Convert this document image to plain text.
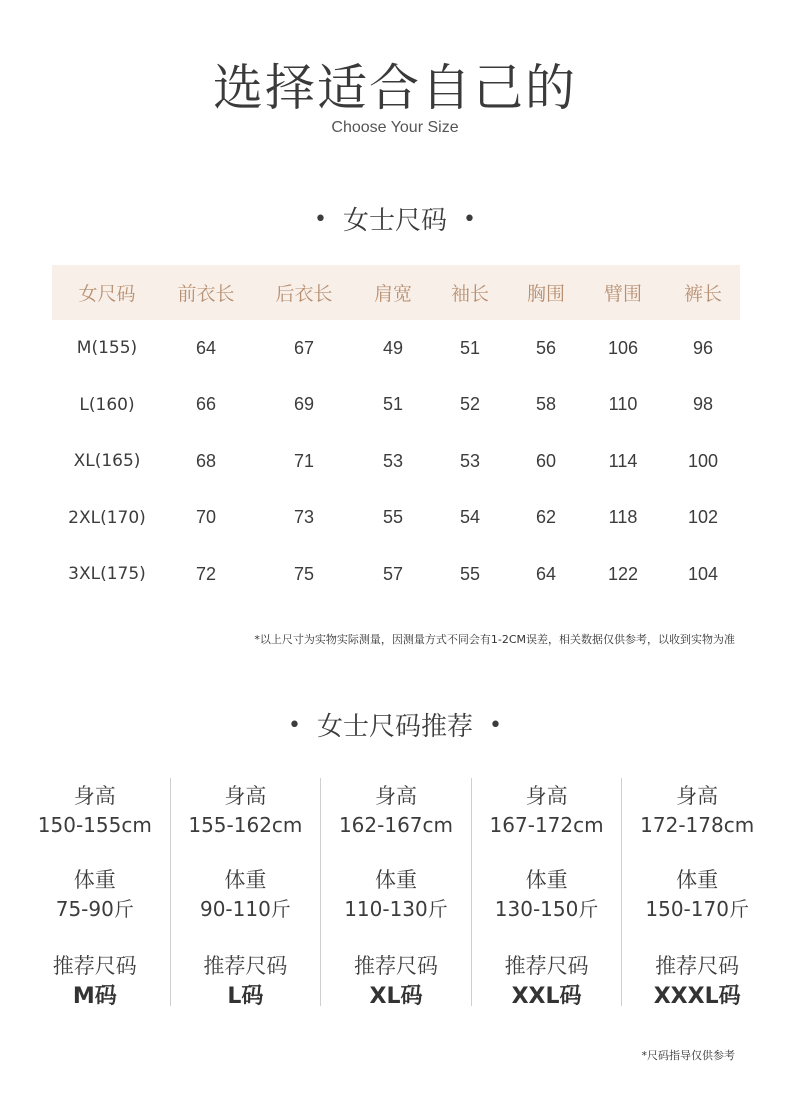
选择适合自己的
Choose Your Size
• 女士尺码 •
女尺码	前衣长	后衣长	肩宽	袖长	胸围	臂围	裤长
M(155)	64	67	49	51	56	106	96
L(160)	66	69	51	52	58	110	98
XL(165)	68	71	53	53	60	114	100
2XL(170)	70	73	55	54	62	118	102
3XL(175)	72	75	57	55	64	122	104
*以上尺寸为实物实际测量，因测量方式不同会有1-2CM误差，相关数据仅供参考，以收到实物为准
• 女士尺码推荐 •
身高
150-155cm
体重
75-90斤
推荐尺码
M码
身高
155-162cm
体重
90-110斤
推荐尺码
L码
身高
162-167cm
体重
110-130斤
推荐尺码
XL码
身高
167-172cm
体重
130-150斤
推荐尺码
XXL码
身高
172-178cm
体重
150-170斤
推荐尺码
XXXL码
*尺码指导仅供参考
